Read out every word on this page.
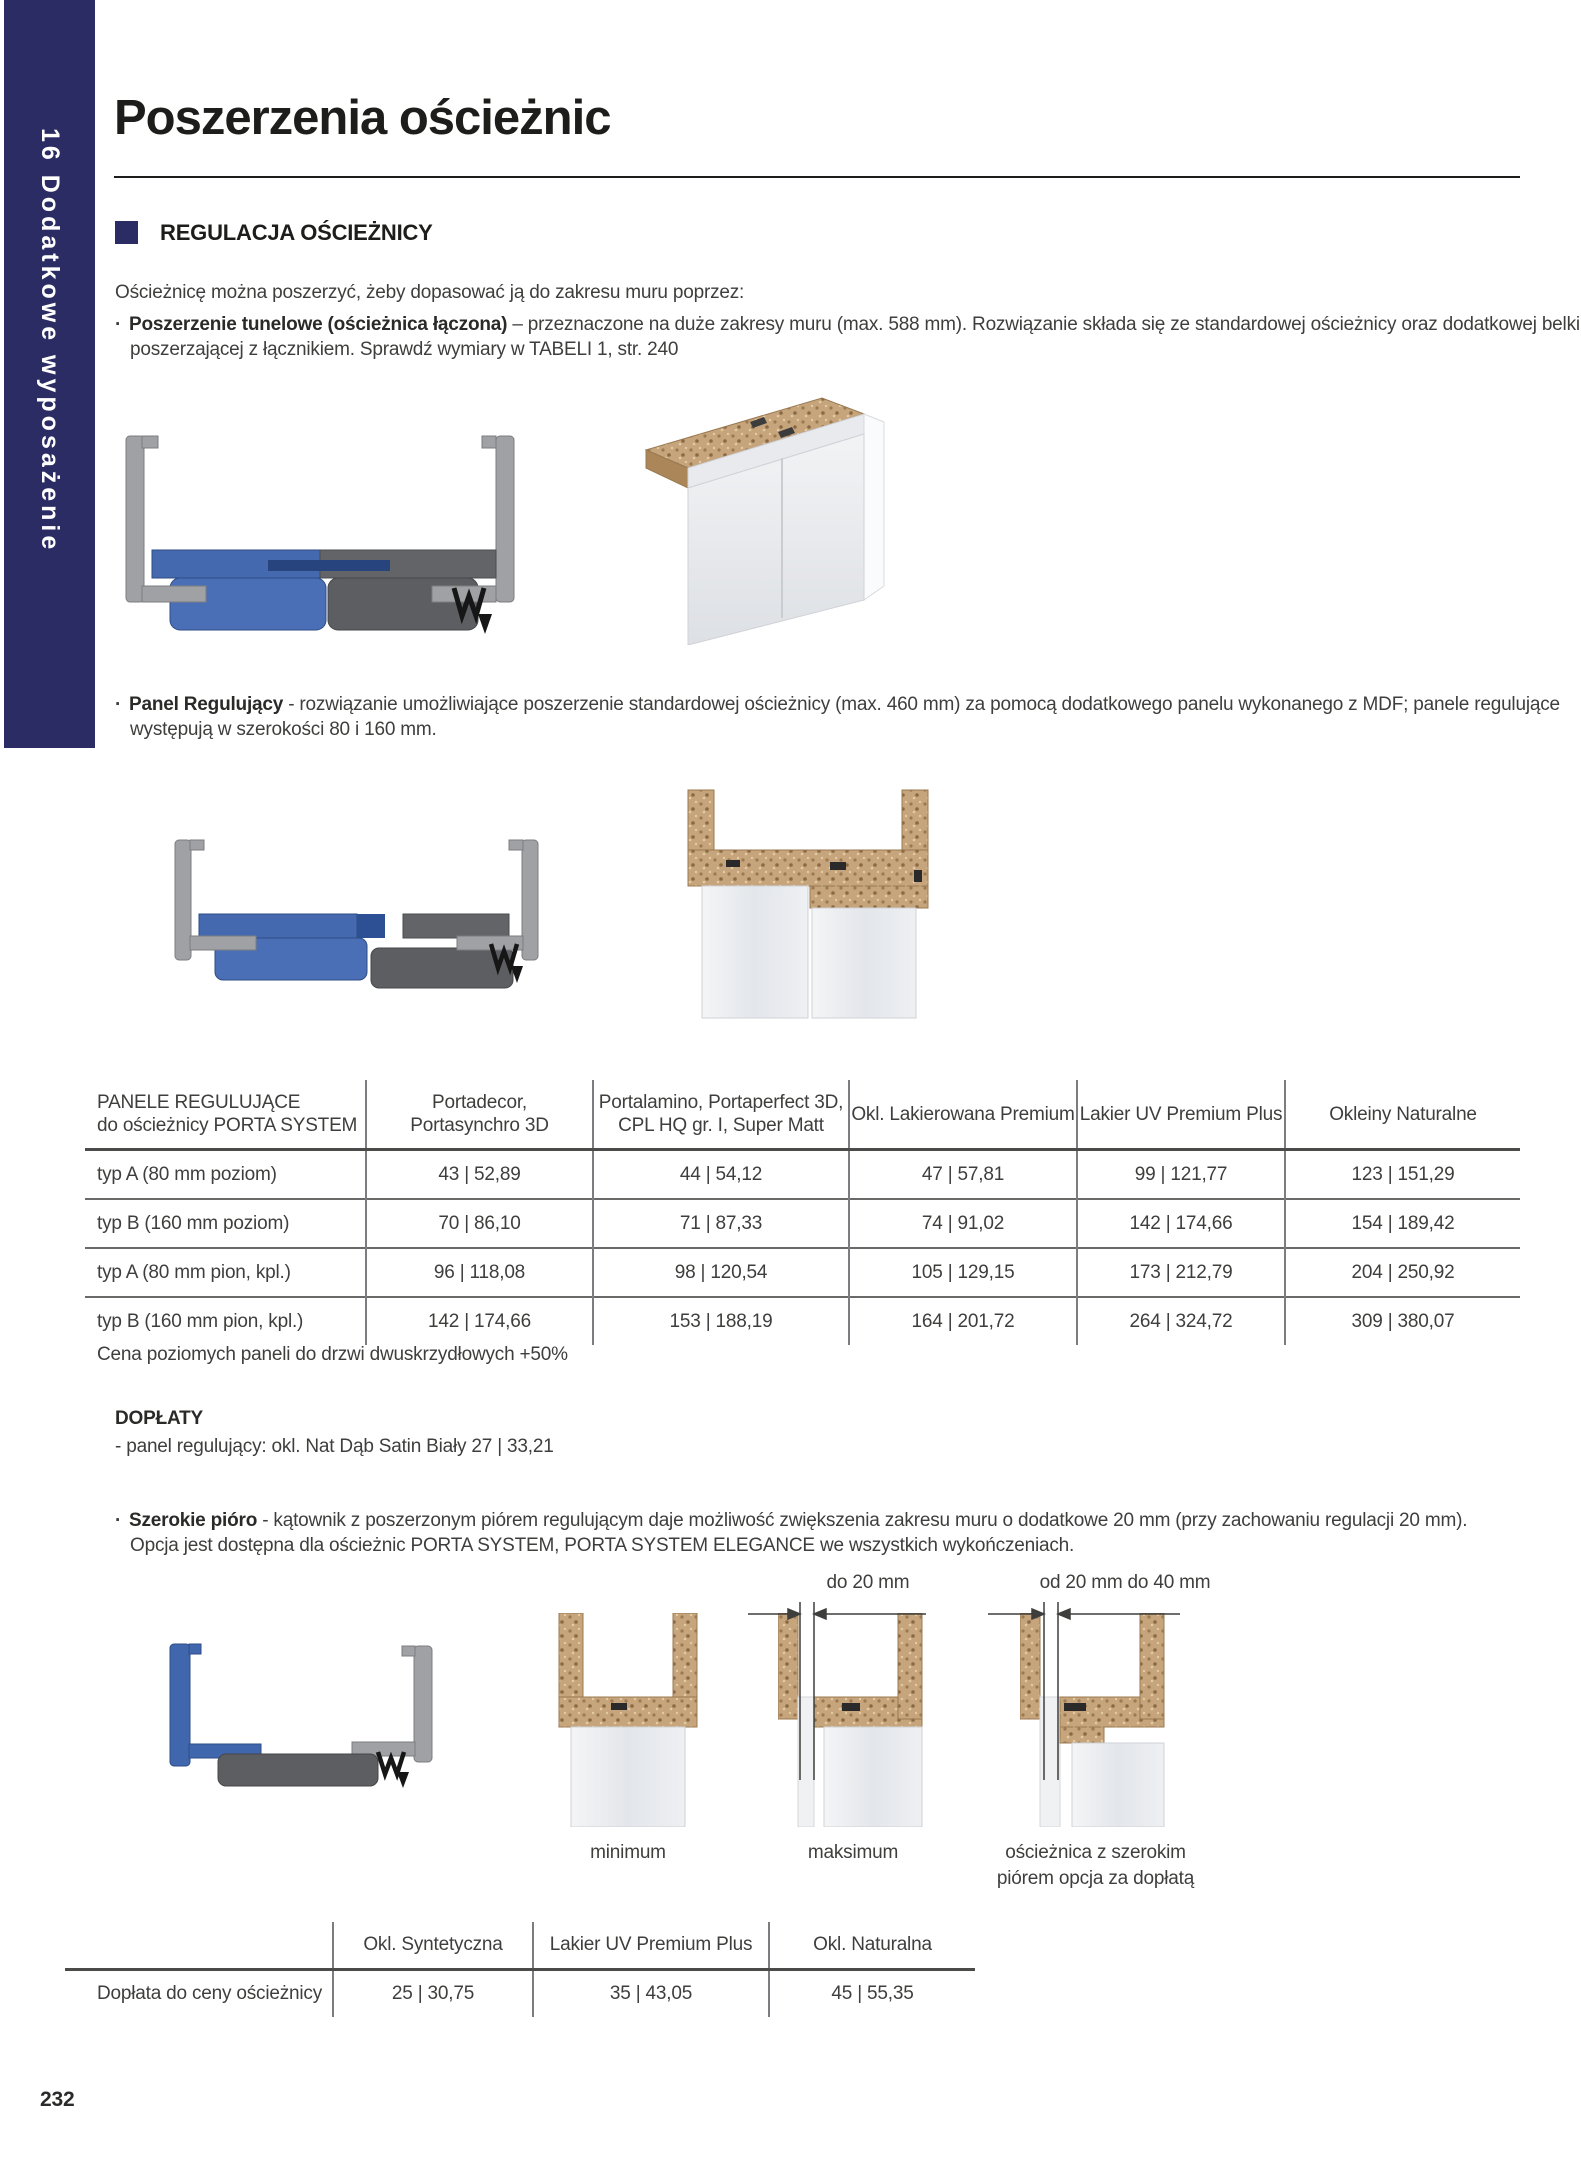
16 Dodatkowe wyposażenie
Poszerzenia ościeżnic
REGULACJA OŚCIEŻNICY
Ościeżnicę można poszerzyć, żeby dopasować ją do zakresu muru poprzez:
· Poszerzenie tunelowe (ościeżnica łączona) – przeznaczone na duże zakresy muru (max. 588 mm). Rozwiązanie składa się ze standardowej ościeżnicy oraz dodatkowej belki
poszerzającej z łącznikiem. Sprawdź wymiary w TABELI 1, str. 240
· Panel Regulujący - rozwiązanie umożliwiające poszerzenie standardowej ościeżnicy (max. 460 mm) za pomocą dodatkowego panelu wykonanego z MDF; panele regulujące
występują w szerokości 80 i 160 mm.
PANELE REGULUJĄCE
do ościeżnicy PORTA SYSTEM	Portadecor,
Portasynchro 3D	Portalamino, Portaperfect 3D,
CPL HQ gr. I, Super Matt	Okl. Lakierowana Premium	Lakier UV Premium Plus	Okleiny Naturalne
typ A (80 mm poziom)	43 | 52,89	44 | 54,12	47 | 57,81	99 | 121,77	123 | 151,29
typ B (160 mm poziom)	70 | 86,10	71 | 87,33	74 | 91,02	142 | 174,66	154 | 189,42
typ A (80 mm pion, kpl.)	96 | 118,08	98 | 120,54	105 | 129,15	173 | 212,79	204 | 250,92
typ B (160 mm pion, kpl.)	142 | 174,66	153 | 188,19	164 | 201,72	264 | 324,72	309 | 380,07
Cena poziomych paneli do drzwi dwuskrzydłowych +50%
DOPŁATY
- panel regulujący: okl. Nat Dąb Satin Biały 27 | 33,21
· Szerokie pióro - kątownik z poszerzonym piórem regulującym daje możliwość zwiększenia zakresu muru o dodatkowe 20 mm (przy zachowaniu regulacji 20 mm).
Opcja jest dostępna dla ościeżnic PORTA SYSTEM, PORTA SYSTEM ELEGANCE we wszystkich wykończeniach.
do 20 mm	od 20 mm do 40 mm
minimum	maksimum	ościeżnica z szerokim
piórem opcja za dopłatą
	Okl. Syntetyczna	Lakier UV Premium Plus	Okl. Naturalna
Dopłata do ceny ościeżnicy	25 | 30,75	35 | 43,05	45 | 55,35
232
